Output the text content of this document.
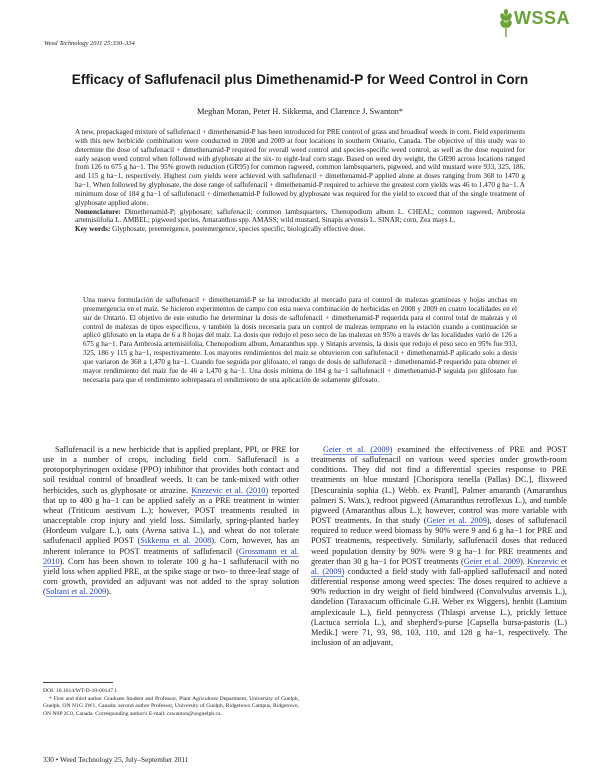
Weed Technology 2011 25:330–334
WSSA
Efficacy of Saflufenacil plus Dimethenamid-P for Weed Control in Corn
Meghan Moran, Peter H. Sikkema, and Clarence J. Swanton*

A new, prepackaged mixture of saflufenacil + dimethenamid-P has been introduced for PRE control of grass and broadleaf weeds in corn. Field experiments with this new herbicide combination were conducted in 2008 and 2009 at four locations in southern Ontario, Canada. The objective of this study was to determine the dose of saflufenacil + dimethenamid-P required for overall weed control and species-specific weed control, as well as the dose required for early season weed control when followed with glyphosate at the six- to eight-leaf corn stage. Based on weed dry weight, the GR90 across locations ranged from 126 to 675 g ha−1. The 95% growth reduction (GR95) for common ragweed, common lambsquarters, pigweed, and wild mustard were 933, 325, 186, and 115 g ha−1, respectively. Highest corn yields were achieved with saflufenacil + dimethenamid-P applied alone at doses ranging from 368 to 1470 g ha−1. When followed by glyphosate, the dose range of saflufenacil + dimethenamid-P required to achieve the greatest corn yields was 46 to 1,470 g ha−1. A minimum dose of 184 g ha−1 of saflufenacil + dimethenamid-P followed by glyphosate was required for the yield to exceed that of the single treatment of glyphosate applied alone.

Nomenclature: Dimethenamid-P; glyphosate; saflufenacil; common lambsquarters, Chenopodium album L. CHEAL; common ragweed, Ambrosia artemisiifolia L. AMBEL; pigweed species, Amaranthus spp. AMASS; wild mustard, Sinapis arvensis L. SINAR; corn, Zea mays L.

Key words: Glyphosate, preemergence, postemergence, species specific, biologically effective dose.

Una nueva formulación de saflufenacil + dimethenamid-P se ha introducido al mercado para el control de malezas gramíneas y hojas anchas en preemergencia en el maíz. Se hicieron experimentos de campo con esta nueva combinación de herbicidas en 2008 y 2009 en cuatro localidades en el sur de Ontario. El objetivo de este estudio fue determinar la dosis de saflufenacil + dimethenamid-P requerida para el control total de malezas y el control de malezas de tipos específicos, y también la dosis necesaria para un control de malezas temprano en la estación cuando a continuación se aplicó glifosato en la etapa de 6 a 8 hojas del maíz. La dosis que redujo el peso seco de las malezas en 95% a través de las localidades varió de 126 a 675 g ha−1. Para Ambrosia artemisiifolia, Chenopodium album, Amaranthus spp. y Sinapis arvensis, la dosis que redujo el peso seco en 95% fue 933, 325, 186 y 115 g ha−1, respectivamente. Los mayores rendimientos del maíz se obtuvieron con saflufenacil + dimethenamid-P aplicado solo a dosis que variaron de 368 a 1,470 g ha−1. Cuando fue seguida por glifosato, el rango de dosis de saflufenacil + dimethenamid-P requerido para obtener el mayor rendimiento del maíz fue de 46 a 1,470 g ha−1. Una dosis mínima de 184 g ha−1 saflufenacil + dimethenamid-P seguida por glifosato fue necesaria para que el rendimiento sobrepasara el rendimiento de una aplicación de solamente glifosato.

Saflufenacil is a new herbicide that is applied preplant, PPI, or PRE for use in a number of crops, including field corn. Saflufenacil is a protoporphyrinogen oxidase (PPO) inhibitor that provides both contact and soil residual control of broadleaf weeds. It can be tank-mixed with other herbicides, such as glyphosate or atrazine. Knezevic et al. (2010) reported that up to 400 g ha−1 can be applied safely as a PRE treatment in winter wheat (Triticum aestivum L.); however, POST treatments resulted in unacceptable crop injury and yield loss. Similarly, spring-planted barley (Hordeum vulgare L.), oats (Avena sativa L.), and wheat do not tolerate saflufenacil applied POST (Sikkema et al. 2008). Corn, however, has an inherent tolerance to POST treatments of saflufenacil (Grossmann et al. 2010). Corn has been shown to tolerate 100 g ha−1 saflufenacil with no yield loss when applied PRE, at the spike stage or two- to three-leaf stage of corn growth, provided an adjuvant was not added to the spray solution (Soltani et al. 2009).
Geier et al. (2009) examined the effectiveness of PRE and POST treatments of saflufenacil on various weed species under growth-room conditions. They did not find a differential species response to PRE treatments on blue mustard [Chorispora tenella (Pallas) DC.], flixweed [Descurainia sophia (L.) Webb. ex Prantl], Palmer amaranth (Amaranthus palmeri S. Wats.), redroot pigweed (Amaranthus retroflexus L.), and tumble pigweed (Amaranthus albus L.); however, control was more variable with POST treatments. In that study (Geier et al. 2009), doses of saflufenacil required to reduce weed biomass by 90% were 9 and 6 g ha−1 for PRE and POST treatments, respectively. Similarly, saflufenacil doses that reduced weed population density by 90% were 9 g ha−1 for PRE treatments and greater than 30 g ha−1 for POST treatments (Geier et al. 2009). Knezevic et al. (2009) conducted a field study with fall-applied saflufenacil and noted differential response among weed species: The doses required to achieve a 90% reduction in dry weight of field bindweed (Convolvulus arvensis L.), dandelion (Taraxacum officinale G.H. Weber ex Wiggers), henbit (Lamium amplexicaule L.), field pennycress (Thlaspi arvense L.), prickly lettuce (Lactuca serriola L.), and shepherd's-purse [Capsella bursa-pastoris (L.) Medik.] were 71, 93, 98, 103, 110, and 128 g ha−1, respectively. The inclusion of an adjuvant,
DOI: 10.1614/WT-D-10-00147.1
* First and third author Graduate Student and Professor, Plant Agriculture Department, University of Guelph, Guelph, ON N1G 2W1, Canada; second author Professor, University of Guelph, Ridgetown Campus, Ridgetown, ON N0P 2C0, Canada. Corresponding author's E-mail: cswanton@uoguelph.ca.
330 • Weed Technology 25, July–September 2011
